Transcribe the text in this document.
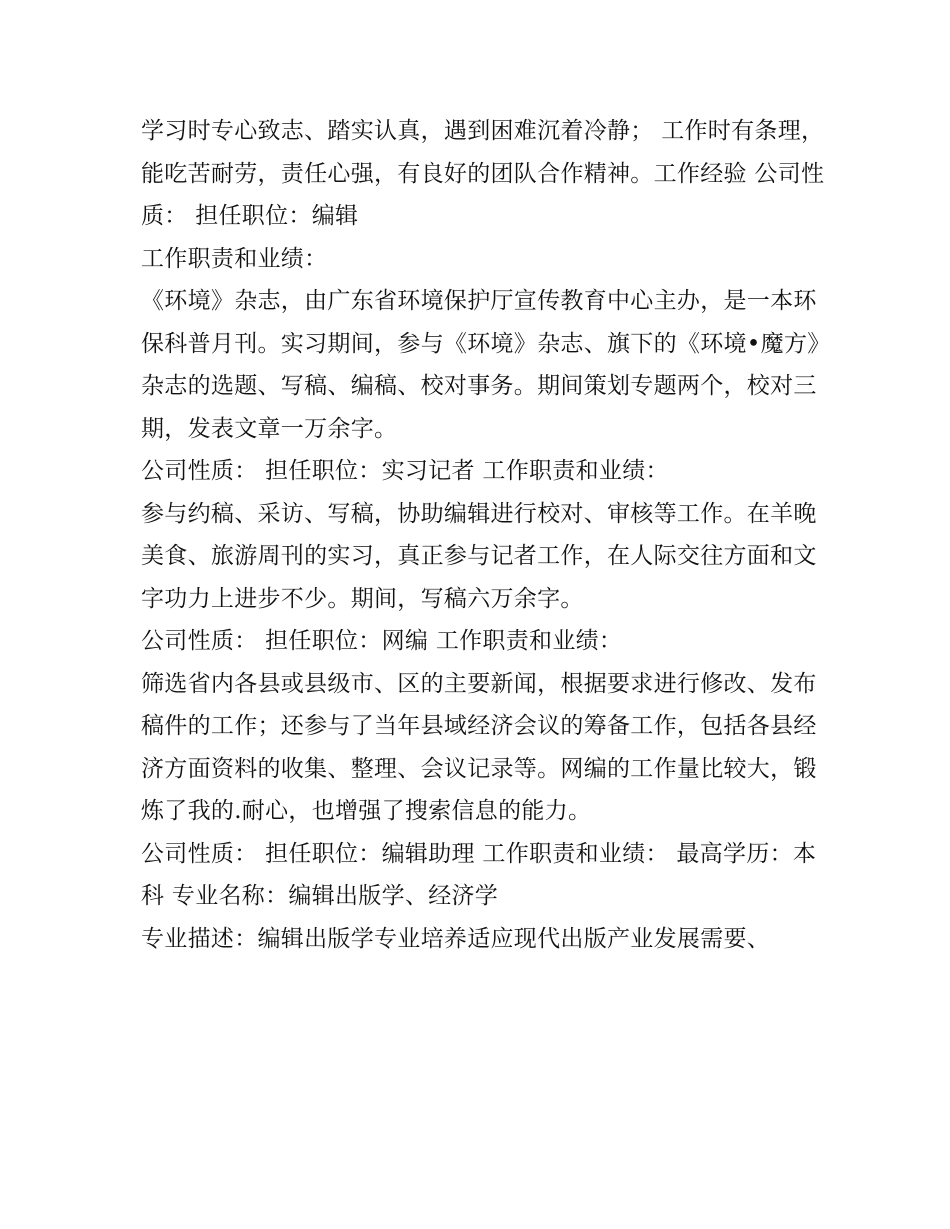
学习时专心致志、踏实认真，遇到困难沉着冷静； 工作时有条理，能吃苦耐劳，责任心强，有良好的团队合作精神。工作经验 公司性质： 担任职位：编辑

工作职责和业绩：

《环境》杂志，由广东省环境保护厅宣传教育中心主办，是一本环保科普月刊。实习期间，参与《环境》杂志、旗下的《环境•魔方》杂志的选题、写稿、编稿、校对事务。期间策划专题两个，校对三期，发表文章一万余字。

公司性质： 担任职位：实习记者 工作职责和业绩：

参与约稿、采访、写稿，协助编辑进行校对、审核等工作。在羊晚美食、旅游周刊的实习，真正参与记者工作，在人际交往方面和文字功力上进步不少。期间，写稿六万余字。

公司性质： 担任职位：网编 工作职责和业绩：

筛选省内各县或县级市、区的主要新闻，根据要求进行修改、发布稿件的工作；还参与了当年县域经济会议的筹备工作，包括各县经济方面资料的收集、整理、会议记录等。网编的工作量比较大，锻炼了我的.耐心，也增强了搜索信息的能力。

公司性质： 担任职位：编辑助理 工作职责和业绩： 最高学历：本科 专业名称：编辑出版学、经济学

专业描述：编辑出版学专业培养适应现代出版产业发展需要、
